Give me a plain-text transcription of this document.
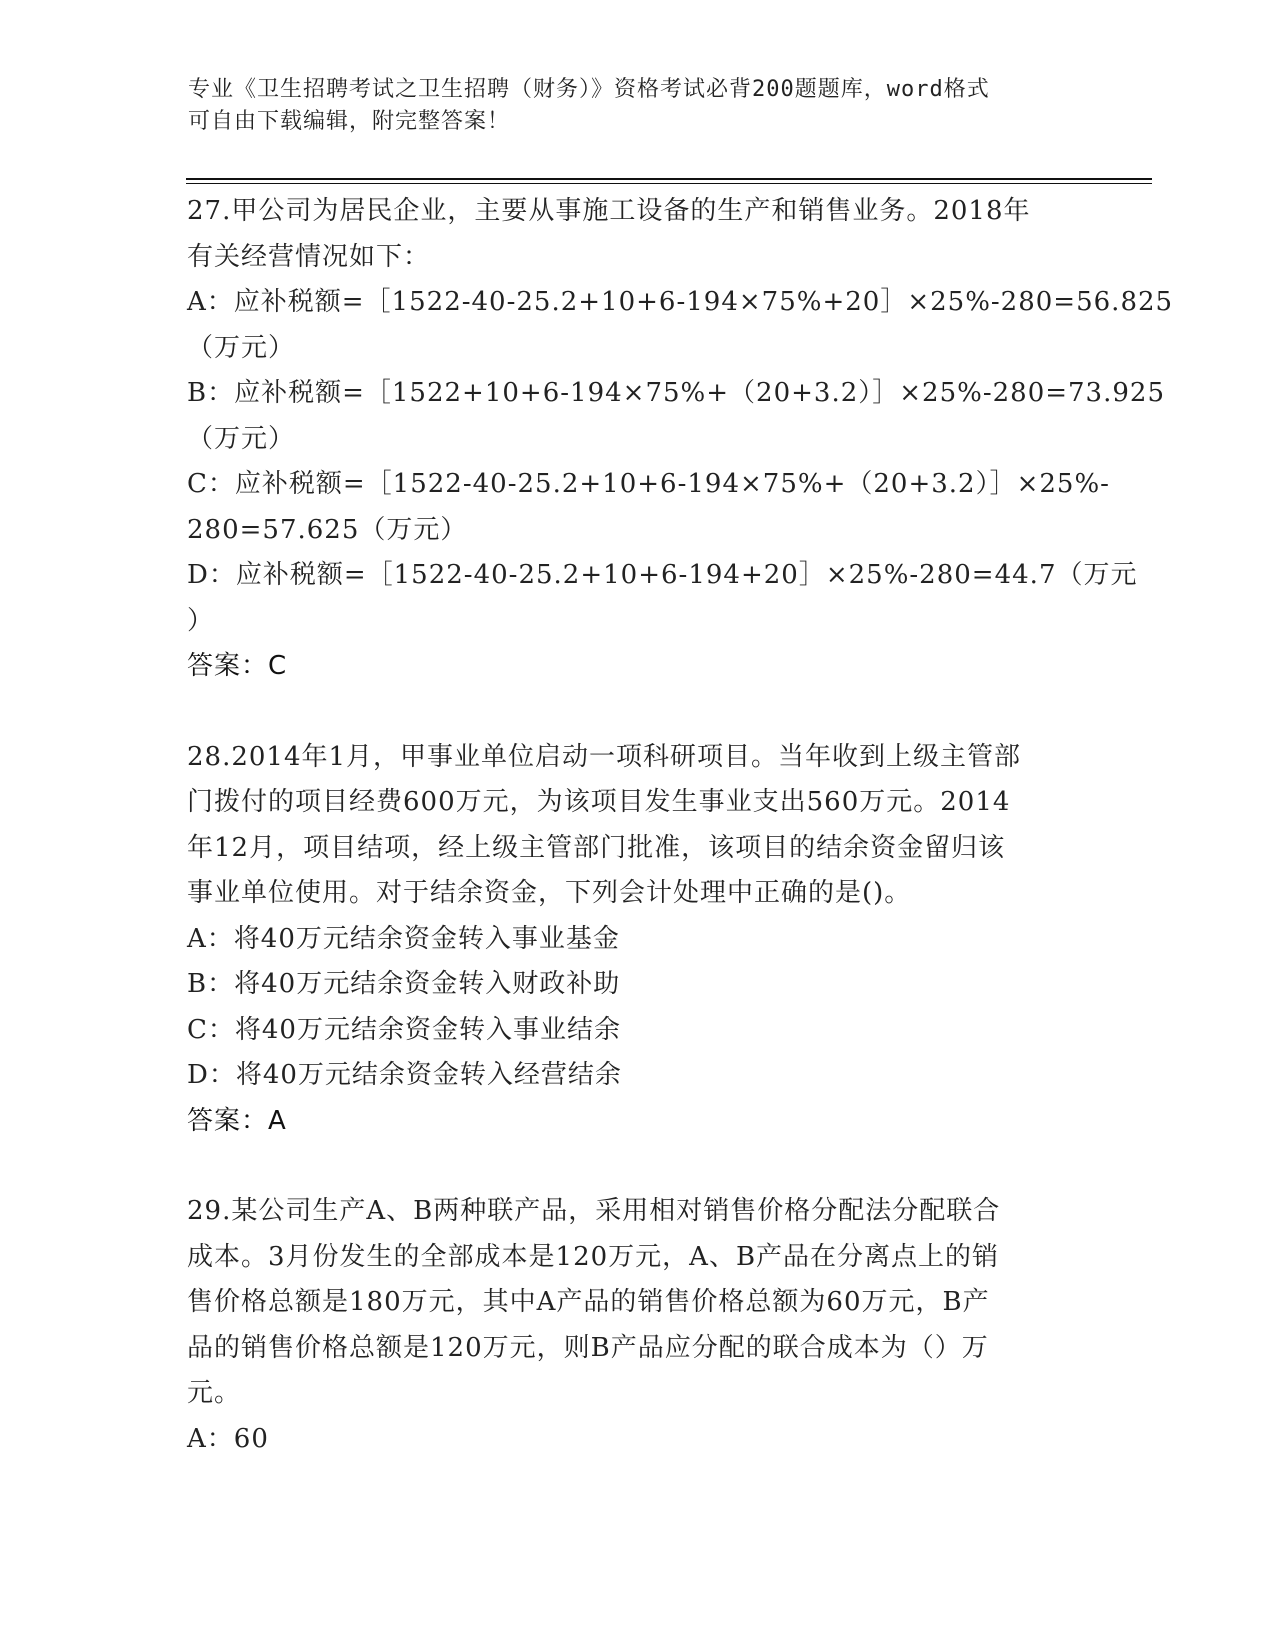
专业《卫生招聘考试之卫生招聘（财务）》资格考试必背200题题库，word格式
可自由下载编辑，附完整答案！
27.甲公司为居民企业，主要从事施工设备的生产和销售业务。2018年
有关经营情况如下：
A：应补税额=［1522-40-25.2+10+6-194×75%+20］×25%-280=56.825
（万元）
B：应补税额=［1522+10+6-194×75%+（20+3.2）］×25%-280=73.925
（万元）
C：应补税额=［1522-40-25.2+10+6-194×75%+（20+3.2）］×25%-
280=57.625（万元）
D：应补税额=［1522-40-25.2+10+6-194+20］×25%-280=44.7（万元
）
答案：C
28.2014年1月，甲事业单位启动一项科研项目。当年收到上级主管部
门拨付的项目经费600万元，为该项目发生事业支出560万元。2014
年12月，项目结项，经上级主管部门批准，该项目的结余资金留归该
事业单位使用。对于结余资金，下列会计处理中正确的是()。
A：将40万元结余资金转入事业基金
B：将40万元结余资金转入财政补助
C：将40万元结余资金转入事业结余
D：将40万元结余资金转入经营结余
答案：A
29.某公司生产A、B两种联产品，采用相对销售价格分配法分配联合
成本。3月份发生的全部成本是120万元，A、B产品在分离点上的销
售价格总额是180万元，其中A产品的销售价格总额为60万元，B产
品的销售价格总额是120万元，则B产品应分配的联合成本为（）万
元。
A：60
